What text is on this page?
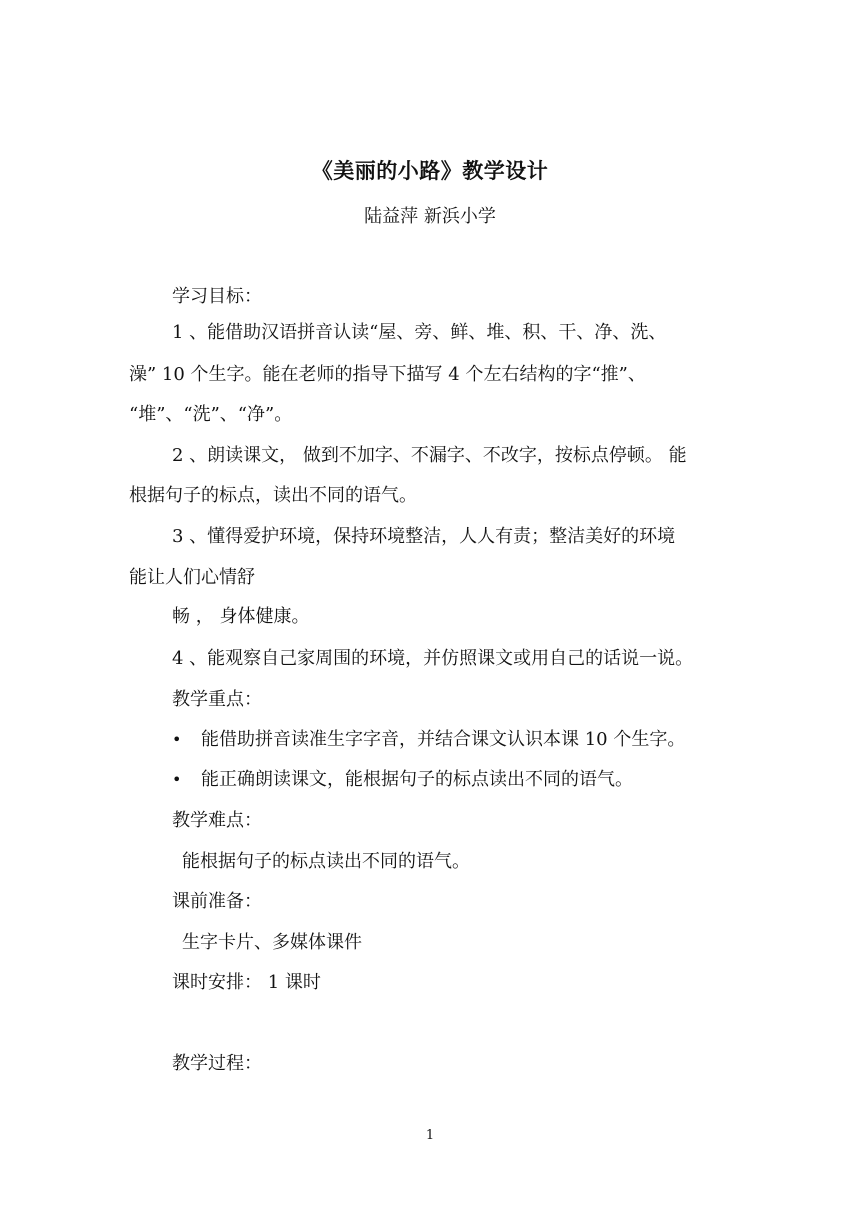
《美丽的小路》教学设计
陆益萍 新浜小学
学习目标：
1 、能借助汉语拼音认读“屋、旁、鲜、堆、积、干、净、洗、
澡” 10 个生字。能在老师的指导下描写 4 个左右结构的字“推”、
“堆”、“洗”、“净”。
2 、朗读课文， 做到不加字、不漏字、不改字，按标点停顿。 能
根据句子的标点，读出不同的语气。
3 、懂得爱护环境，保持环境整洁，人人有责；整洁美好的环境
能让人们心情舒
畅 ， 身体健康。
4 、能观察自己家周围的环境，并仿照课文或用自己的话说一说。
教学重点：
• 能借助拼音读准生字字音，并结合课文认识本课 10 个生字。
• 能正确朗读课文，能根据句子的标点读出不同的语气。
教学难点：
能根据句子的标点读出不同的语气。
课前准备：
生字卡片、多媒体课件
课时安排： 1 课时
教学过程：
1
